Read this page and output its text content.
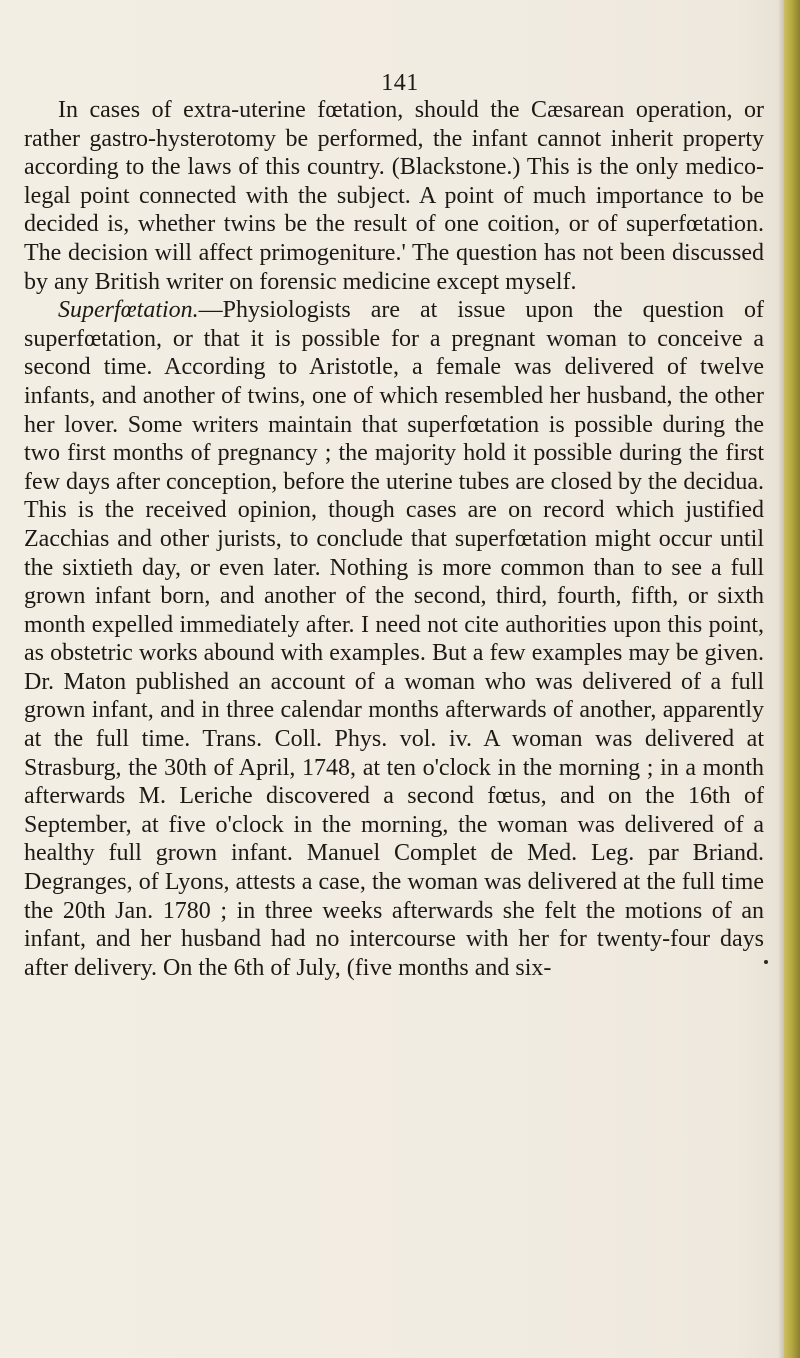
141

In cases of extra-uterine fœtation, should the Cæsarean operation, or rather gastro-hysterotomy be performed, the infant cannot inherit property according to the laws of this country. (Blackstone.) This is the only medico-legal point connected with the subject. A point of much importance to be decided is, whether twins be the result of one coition, or of superfœtation. The decision will affect primogeniture.' The question has not been discussed by any British writer on forensic medicine except myself.

Superfœtation.—Physiologists are at issue upon the question of superfœtation, or that it is possible for a pregnant woman to conceive a second time. According to Aristotle, a female was delivered of twelve infants, and another of twins, one of which resembled her husband, the other her lover. Some writers maintain that superfœtation is possible during the two first months of pregnancy ; the majority hold it possible during the first few days after conception, before the uterine tubes are closed by the decidua. This is the received opinion, though cases are on record which justified Zacchias and other jurists, to conclude that superfœtation might occur until the sixtieth day, or even later. Nothing is more common than to see a full grown infant born, and another of the second, third, fourth, fifth, or sixth month expelled immediately after. I need not cite authorities upon this point, as obstetric works abound with examples. But a few examples may be given. Dr. Maton published an account of a woman who was delivered of a full grown infant, and in three calendar months afterwards of another, apparently at the full time. Trans. Coll. Phys. vol. iv. A woman was delivered at Strasburg, the 30th of April, 1748, at ten o'clock in the morning ; in a month afterwards M. Leriche discovered a second fœtus, and on the 16th of September, at five o'clock in the morning, the woman was delivered of a healthy full grown infant. Manuel Complet de Med. Leg. par Briand. Degranges, of Lyons, attests a case, the woman was delivered at the full time the 20th Jan. 1780 ; in three weeks afterwards she felt the motions of an infant, and her husband had no intercourse with her for twenty-four days after delivery. On the 6th of July, (five months and six-
